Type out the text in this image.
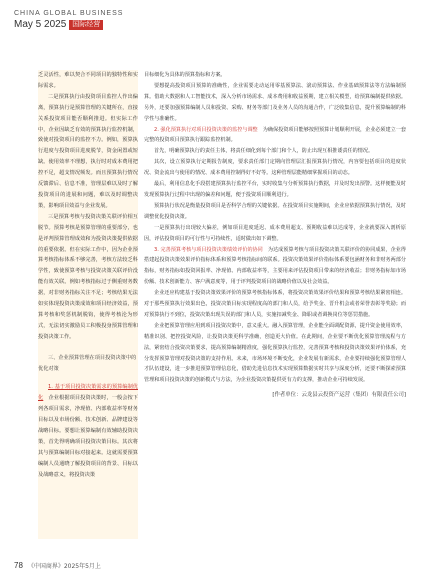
CHINA GLOBAL BUSINESS
May 5 2025 国际经营

乏灵活性，难以契合不同项目的独特性和实际需求。

二是预算执行由投资项目监控人作出偏离，预算执行是预算管理的关键所在，直接关系投资项目能否顺利推进。但实际工作中，企业因缺乏有效的预算执行监控机制，致使对投资项目的监控不力。例如，预算执行进度与投资项目进度脱节，资金闲置或短缺。使用效率不理想，执行时对成本费用把控不足，超支情况频发。而且预算执行情况反馈滞后、信息不准，管理层难以及时了解投资项目的进展和问题，难以及时调整决策，影响项目效益与企业发展。

三是预算考核与投资决策关联评价相互脱节。预算考核是预算管理的重要部分，也是评判预算管理成效和为投资决策提供依据的重要依据。但在实际工作中，因为企业预算考核指标体系不够完善，考核方法较乏科学性，致使预算考核与投资决策关联评价没能有效关联。例如考核指标过于侧重财务数据，对非财务指标关注不足；考核结果无法如实体现投资决策成效和项目经济效益，预算考核和奖惩机制脱钩，使得考核沦为形式，无法切实激励员工积极投身预算管理和投资决策工作。

三、企业预算管理在项目投资决策中的优化对策

1. 基于项目投资决策需求的预算编制优化　 企业根据项目投资决策时，一般会按下列各项目需求，净现值、内部收益率等财务目标以及市场份额、技术创新、品牌建设等战略目标。要想让预算编制有效辅助投资决策，首先得明确项目投资决策目标。其次将其与预算编制目标对接起来。这就需要预算编制人员通晓了解投资项目的背景、目标以及战略意义，将投资决策

目标细化为具体的预算指标和方案。

要想提高投资项目预算的准确性，企业需要走动运用零基预算法、滚动预算法、作业基础预算法等方法编制预算。借助大数据和人工智能技术，深入分析市场需求、成本费用和收益预期，建立相关模型，给预算编制提供依据。另外，还要加强预算编制人员和投资、采购、财务等部门及业务人员的沟通合作，广泛收集信息，提升预算编制的科学性与准确性。

2. 强化预算执行对项目投资决策的监控与调整　 为确保投资项目能够按照预算计划顺利开展，企业必须建立一套完整的投资项目预算执行跟踪监控机制。

首先，明确预算执行的责任主体，将责任细化到每个部门和个人，防止出现互相推诿责任的情况。

其次，设立预算执行定期报告制度，要求责任部门定期向管理层汇报预算执行情况，内容要包括项目的进度状况、资金流出与使用的情况、成本费用控制得好不好等。这种管理层能精细掌握项目的动态。

最后，利用信息化手段搭建预算执行监控平台，实时收集与分析预算执行数据，并及时发出预警。这样便能及时发现预算执行过程中出现的偏差和问题，便于投资项目顺利进行。

预算执行状况是衡量投资项目是否科学合理的关键依据。在投资项目实施期间，企业应依据预算执行情况，及时调整优化投资决策。

一是预算执行出现较大偏差，例如项目进度延迟、成本费用超支、预期收益难以达成等，企业就要深入剖析原因，评估投资项目的可行性与可持续性，适时做出如下调整。

3. 完善预算考核与项目投资决策绩效评价的协同　 为达成预算考核与项目投资决策关联评价的协同成果，企业得搭建起投资决策效果评价指标体系和预算考核指标间的联系。投资决策效果评价指标体系要包涵财务和非财务两部分指标，财务指标如投资回报率、净现值、内部收益率等，主要用来评估投资项目带来的经济收益；非财务指标如市场份额、技术创新能力、客户满意度等，用于评判投资项目的战略价值以及社会效益。

企业还应构建基于投资决策效果评价的预算考核指标体系，将投资决策效果评价结果和预算考核结果紧密相连。对于那些预算执行效果出色，投资决策目标实现程度高的部门和人员，给予奖金、晋升机会或者荣誉表彰等奖励；而对预算执行不到位，投资决策出现失误的部门和人员，实施扣减奖金、降职或者调换岗位等惩罚措施。

企业把预算管理应用到项目投资决策中，意义重大。融入预算管理，企业能全面调配资源，提升资金使用效率，精准识别、把控投资风险，让投资决策更科学准确，创造更大价值。在此期间，企业要不断优化预算管理流程与方法，紧密结合投资决策要求，提高预算编制精准度，强化预算执行监控，完善预算考核和投资决策效果评价体系，充分发挥预算管理对投资决策的支持作用。未来，市场环境不断变化，企业发展有新需求，企业要持续强化预算管理人才队伍建设，进一步推进预算管理信息化，借助先进信息技术实现预算数据实时共享与深度分析，还要不断探索预算管理和项目投资决策的创新模式与方法，为企业投资决策提供更有力的支撑，推动企业可持续发展。

[作者单位：云龙县云投资产运营（集团）有限责任公司]
78 《中国商界》2025年5月上
